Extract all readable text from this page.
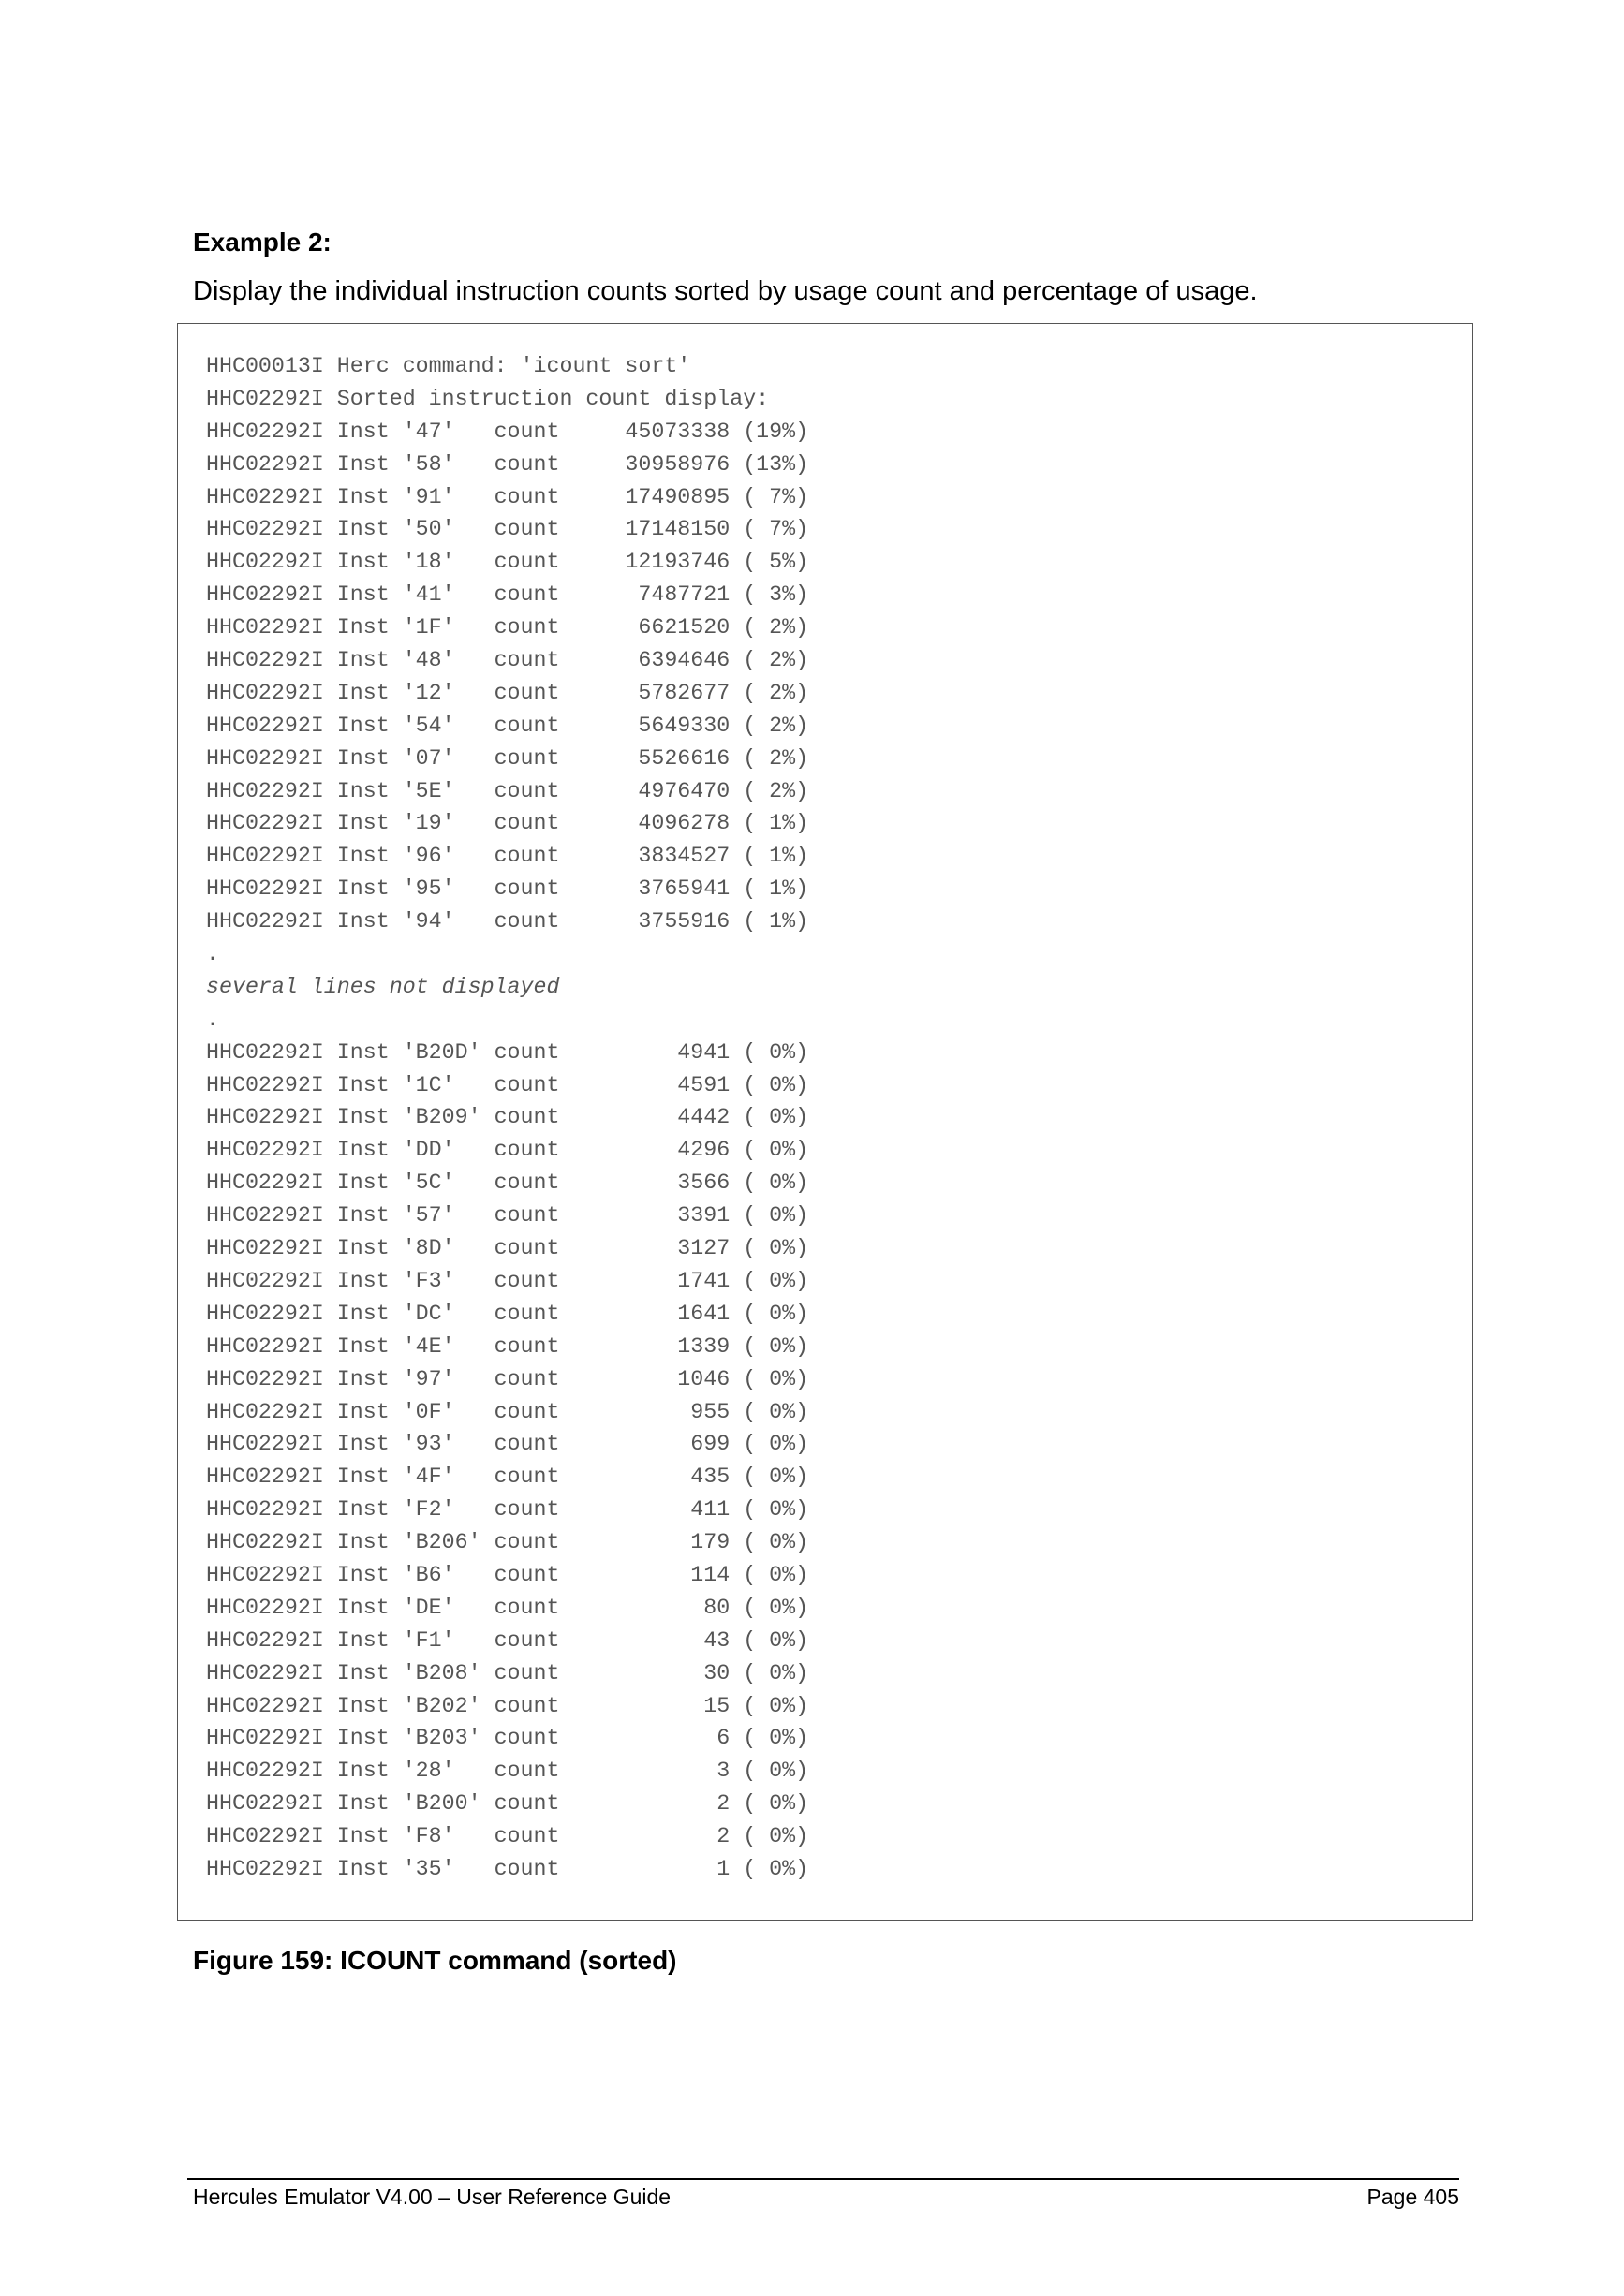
Example 2:

Display the individual instruction counts sorted by usage count and percentage of usage.

HHC00013I Herc command: 'icount sort'
HHC02292I Sorted instruction count display:
HHC02292I Inst '47'   count     45073338 (19%)
HHC02292I Inst '58'   count     30958976 (13%)
HHC02292I Inst '91'   count     17490895 ( 7%)
HHC02292I Inst '50'   count     17148150 ( 7%)
HHC02292I Inst '18'   count     12193746 ( 5%)
HHC02292I Inst '41'   count      7487721 ( 3%)
HHC02292I Inst '1F'   count      6621520 ( 2%)
HHC02292I Inst '48'   count      6394646 ( 2%)
HHC02292I Inst '12'   count      5782677 ( 2%)
HHC02292I Inst '54'   count      5649330 ( 2%)
HHC02292I Inst '07'   count      5526616 ( 2%)
HHC02292I Inst '5E'   count      4976470 ( 2%)
HHC02292I Inst '19'   count      4096278 ( 1%)
HHC02292I Inst '96'   count      3834527 ( 1%)
HHC02292I Inst '95'   count      3765941 ( 1%)
HHC02292I Inst '94'   count      3755916 ( 1%)
.
several lines not displayed
.
HHC02292I Inst 'B20D' count         4941 ( 0%)
HHC02292I Inst '1C'   count         4591 ( 0%)
HHC02292I Inst 'B209' count         4442 ( 0%)
HHC02292I Inst 'DD'   count         4296 ( 0%)
HHC02292I Inst '5C'   count         3566 ( 0%)
HHC02292I Inst '57'   count         3391 ( 0%)
HHC02292I Inst '8D'   count         3127 ( 0%)
HHC02292I Inst 'F3'   count         1741 ( 0%)
HHC02292I Inst 'DC'   count         1641 ( 0%)
HHC02292I Inst '4E'   count         1339 ( 0%)
HHC02292I Inst '97'   count         1046 ( 0%)
HHC02292I Inst '0F'   count          955 ( 0%)
HHC02292I Inst '93'   count          699 ( 0%)
HHC02292I Inst '4F'   count          435 ( 0%)
HHC02292I Inst 'F2'   count          411 ( 0%)
HHC02292I Inst 'B206' count          179 ( 0%)
HHC02292I Inst 'B6'   count          114 ( 0%)
HHC02292I Inst 'DE'   count           80 ( 0%)
HHC02292I Inst 'F1'   count           43 ( 0%)
HHC02292I Inst 'B208' count           30 ( 0%)
HHC02292I Inst 'B202' count           15 ( 0%)
HHC02292I Inst 'B203' count            6 ( 0%)
HHC02292I Inst '28'   count            3 ( 0%)
HHC02292I Inst 'B200' count            2 ( 0%)
HHC02292I Inst 'F8'   count            2 ( 0%)
HHC02292I Inst '35'   count            1 ( 0%)

Figure 159: ICOUNT command (sorted)

Hercules Emulator V4.00 – User Reference Guide	Page 405
